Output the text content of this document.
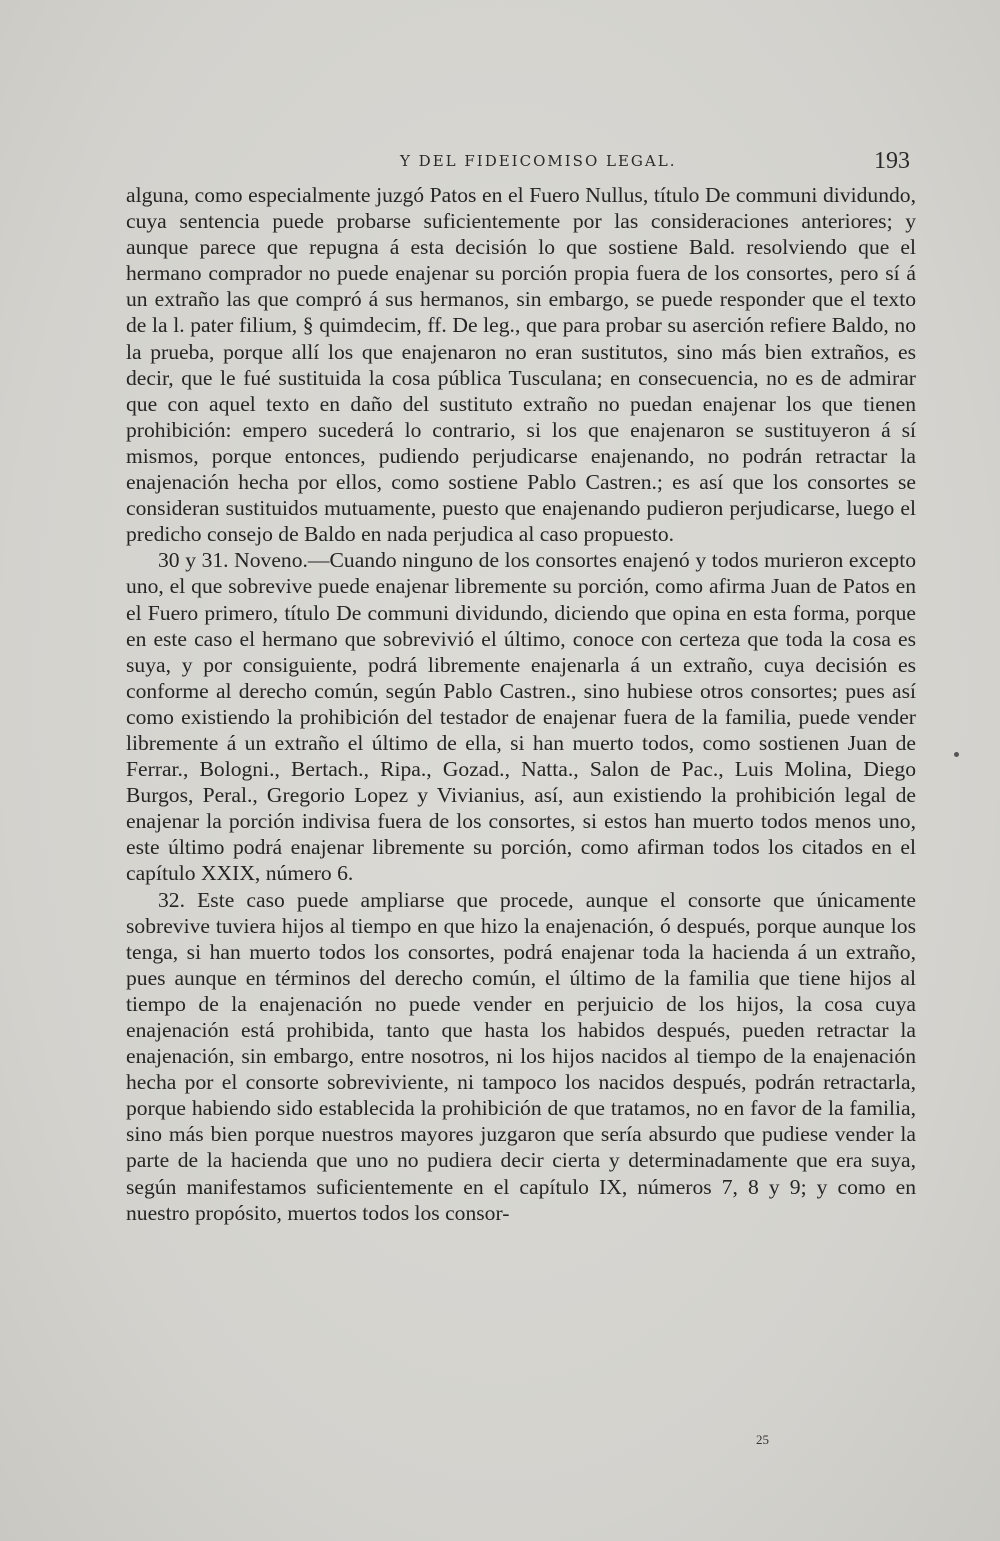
Y DEL FIDEICOMISO LEGAL.	193

alguna, como especialmente juzgó Patos en el Fuero Nullus, título De communi dividundo, cuya sentencia puede probarse suficientemente por las consideraciones anteriores; y aunque parece que repugna á esta decisión lo que sostiene Bald. resolviendo que el hermano comprador no puede enajenar su porción propia fuera de los consortes, pero sí á un extraño las que compró á sus hermanos, sin embargo, se puede responder que el texto de la l. pater filium, § quimdecim, ff. De leg., que para probar su aserción refiere Baldo, no la prueba, porque allí los que enajenaron no eran sustitutos, sino más bien extraños, es decir, que le fué sustituida la cosa pública Tusculana; en consecuencia, no es de admirar que con aquel texto en daño del sustituto extraño no puedan enajenar los que tienen prohibición: empero sucederá lo contrario, si los que enajenaron se sustituyeron á sí mismos, porque entonces, pudiendo perjudicarse enajenando, no podrán retractar la enajenación hecha por ellos, como sostiene Pablo Castren.; es así que los consortes se consideran sustituidos mutuamente, puesto que enajenando pudieron perjudicarse, luego el predicho consejo de Baldo en nada perjudica al caso propuesto.

30 y 31. Noveno.—Cuando ninguno de los consortes enajenó y todos murieron excepto uno, el que sobrevive puede enajenar libremente su porción, como afirma Juan de Patos en el Fuero primero, título De communi dividundo, diciendo que opina en esta forma, porque en este caso el hermano que sobrevivió el último, conoce con certeza que toda la cosa es suya, y por consiguiente, podrá libremente enajenarla á un extraño, cuya decisión es conforme al derecho común, según Pablo Castren., sino hubiese otros consortes; pues así como existiendo la prohibición del testador de enajenar fuera de la familia, puede vender libremente á un extraño el último de ella, si han muerto todos, como sostienen Juan de Ferrar., Bologni., Bertach., Ripa., Gozad., Natta., Salon de Pac., Luis Molina, Diego Burgos, Peral., Gregorio Lopez y Vivianius, así, aun existiendo la prohibición legal de enajenar la porción indivisa fuera de los consortes, si estos han muerto todos menos uno, este último podrá enajenar libremente su porción, como afirman todos los citados en el capítulo XXIX, número 6.

32. Este caso puede ampliarse que procede, aunque el consorte que únicamente sobrevive tuviera hijos al tiempo en que hizo la enajenación, ó después, porque aunque los tenga, si han muerto todos los consortes, podrá enajenar toda la hacienda á un extraño, pues aunque en términos del derecho común, el último de la familia que tiene hijos al tiempo de la enajenación no puede vender en perjuicio de los hijos, la cosa cuya enajenación está prohibida, tanto que hasta los habidos después, pueden retractar la enajenación, sin embargo, entre nosotros, ni los hijos nacidos al tiempo de la enajenación hecha por el consorte sobreviviente, ni tampoco los nacidos después, podrán retractarla, porque habiendo sido establecida la prohibición de que tratamos, no en favor de la familia, sino más bien porque nuestros mayores juzgaron que sería absurdo que pudiese vender la parte de la hacienda que uno no pudiera decir cierta y determinadamente que era suya, según manifestamos suficientemente en el capítulo IX, números 7, 8 y 9; y como en nuestro propósito, muertos todos los consor-

25
